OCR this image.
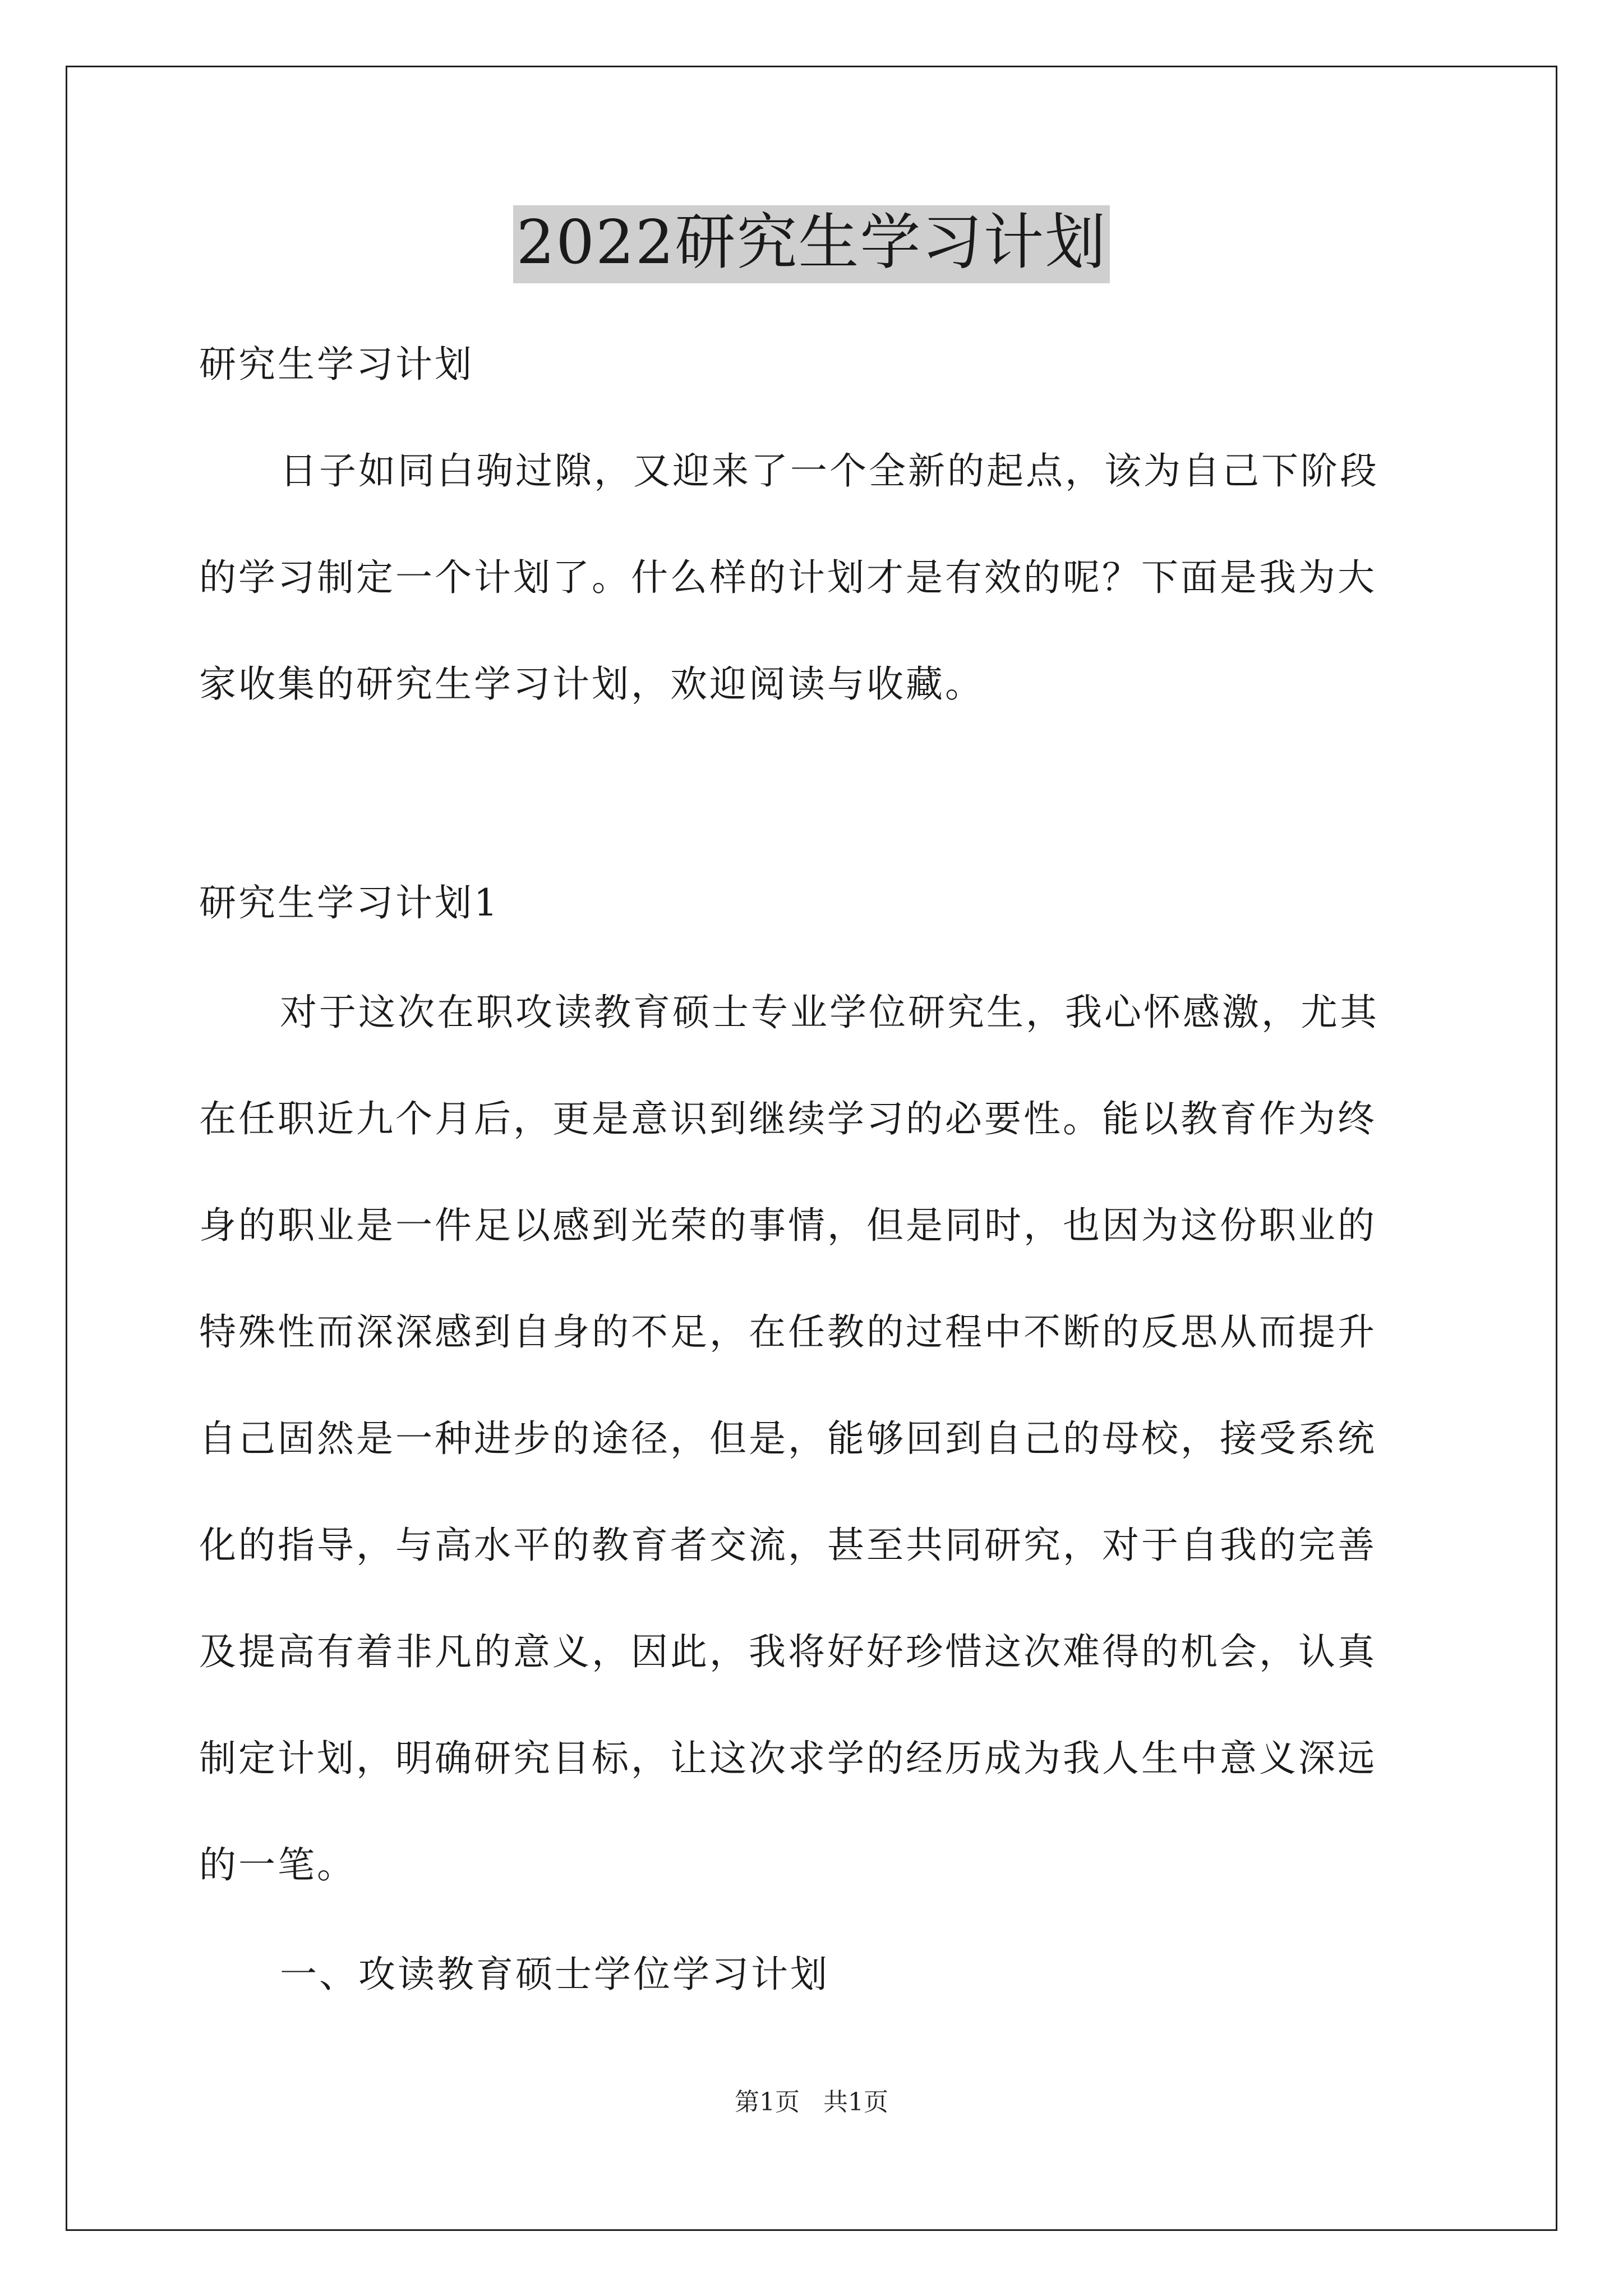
2022研究生学习计划

研究生学习计划

日子如同白驹过隙，又迎来了一个全新的起点，该为自己下阶段
的学习制定一个计划了。什么样的计划才是有效的呢？下面是我为大
家收集的研究生学习计划，欢迎阅读与收藏。

研究生学习计划1

对于这次在职攻读教育硕士专业学位研究生，我心怀感激，尤其
在任职近九个月后，更是意识到继续学习的必要性。能以教育作为终
身的职业是一件足以感到光荣的事情，但是同时，也因为这份职业的
特殊性而深深感到自身的不足，在任教的过程中不断的反思从而提升
自己固然是一种进步的途径，但是，能够回到自己的母校，接受系统
化的指导，与高水平的教育者交流，甚至共同研究，对于自我的完善
及提高有着非凡的意义，因此，我将好好珍惜这次难得的机会，认真
制定计划，明确研究目标，让这次求学的经历成为我人生中意义深远
的一笔。

一、攻读教育硕士学位学习计划

第1页   共1页
